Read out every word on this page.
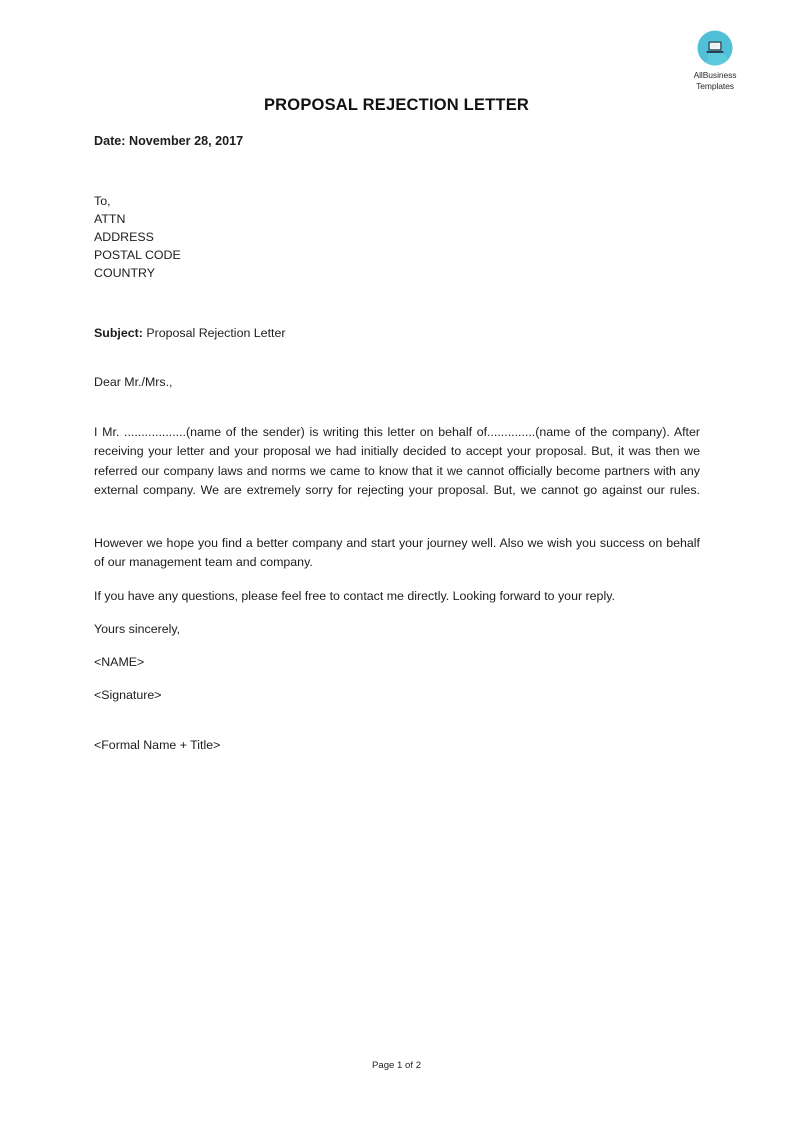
AllBusiness
Templates
PROPOSAL REJECTION LETTER
Date: November 28, 2017
To,
ATTN
ADDRESS
POSTAL CODE
COUNTRY
Subject: Proposal Rejection Letter
Dear Mr./Mrs.,

I Mr. ..................(name of the sender) is writing this letter on behalf of..............(name of the company). After receiving your letter and your proposal we had initially decided to accept your proposal. But, it was then we referred our company laws and norms we came to know that it we cannot officially become partners with any external company. We are extremely sorry for rejecting your proposal. But, we cannot go against our rules.

However we hope you find a better company and start your journey well. Also we wish you success on behalf of our management team and company.

If you have any questions, please feel free to contact me directly. Looking forward to your reply.

Yours sincerely,
<NAME>
<Signature>
<Formal Name + Title>
Page 1 of 2
